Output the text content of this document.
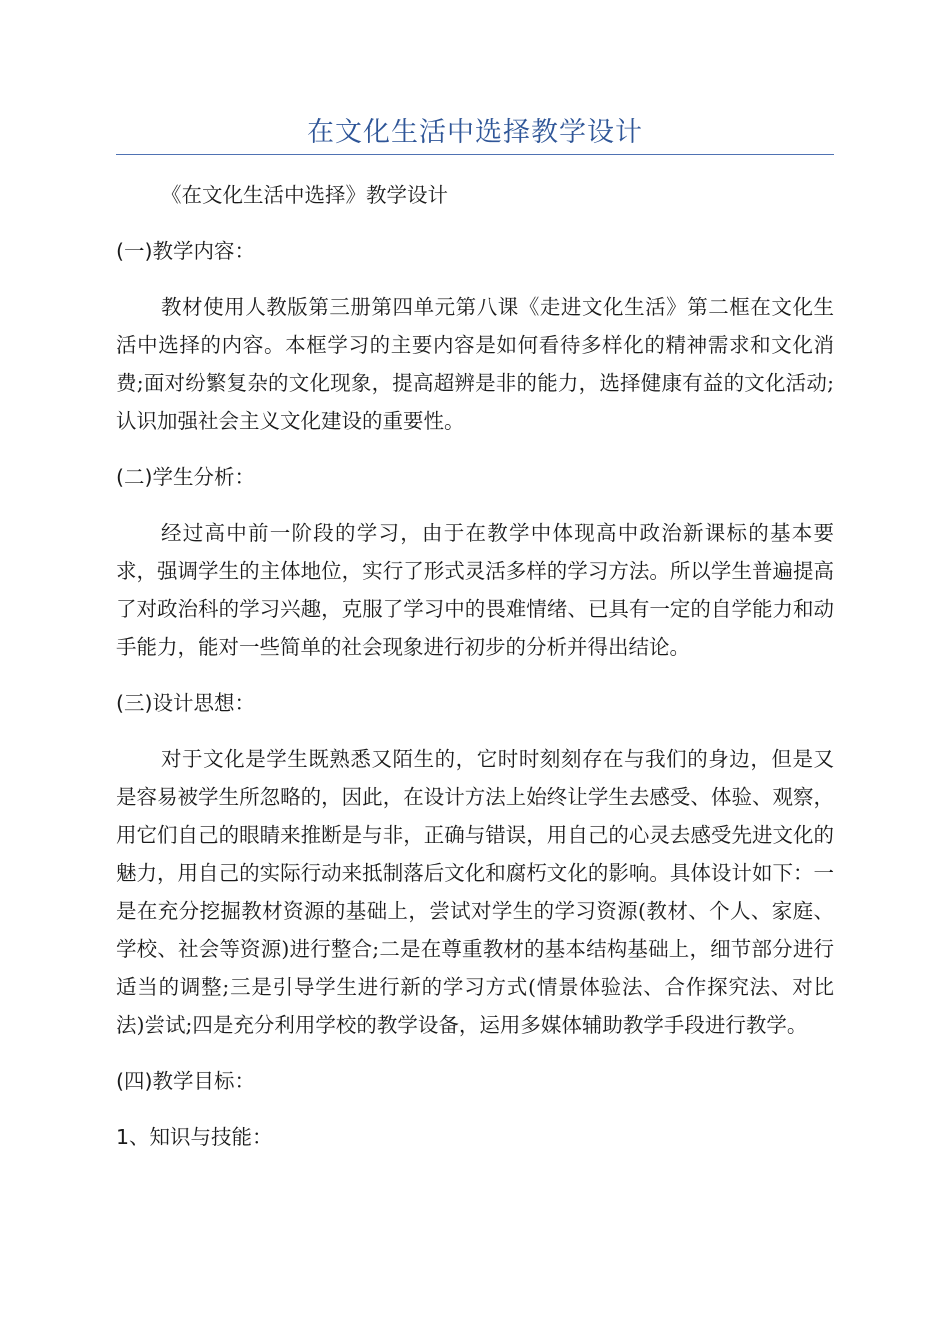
在文化生活中选择教学设计

《在文化生活中选择》教学设计

(一)教学内容：

教材使用人教版第三册第四单元第八课《走进文化生活》第二框在文化生活中选择的内容。本框学习的主要内容是如何看待多样化的精神需求和文化消费;面对纷繁复杂的文化现象，提高超辨是非的能力，选择健康有益的文化活动;认识加强社会主义文化建设的重要性。

(二)学生分析：

经过高中前一阶段的学习，由于在教学中体现高中政治新课标的基本要求，强调学生的主体地位，实行了形式灵活多样的学习方法。所以学生普遍提高了对政治科的学习兴趣，克服了学习中的畏难情绪、已具有一定的自学能力和动手能力，能对一些简单的社会现象进行初步的分析并得出结论。

(三)设计思想：

对于文化是学生既熟悉又陌生的，它时时刻刻存在与我们的身边，但是又是容易被学生所忽略的，因此，在设计方法上始终让学生去感受、体验、观察，用它们自己的眼睛来推断是与非，正确与错误，用自己的心灵去感受先进文化的魅力，用自己的实际行动来抵制落后文化和腐朽文化的影响。具体设计如下：一是在充分挖掘教材资源的基础上，尝试对学生的学习资源(教材、个人、家庭、学校、社会等资源)进行整合;二是在尊重教材的基本结构基础上，细节部分进行适当的调整;三是引导学生进行新的学习方式(情景体验法、合作探究法、对比法)尝试;四是充分利用学校的教学设备，运用多媒体辅助教学手段进行教学。

(四)教学目标：

1、知识与技能：
